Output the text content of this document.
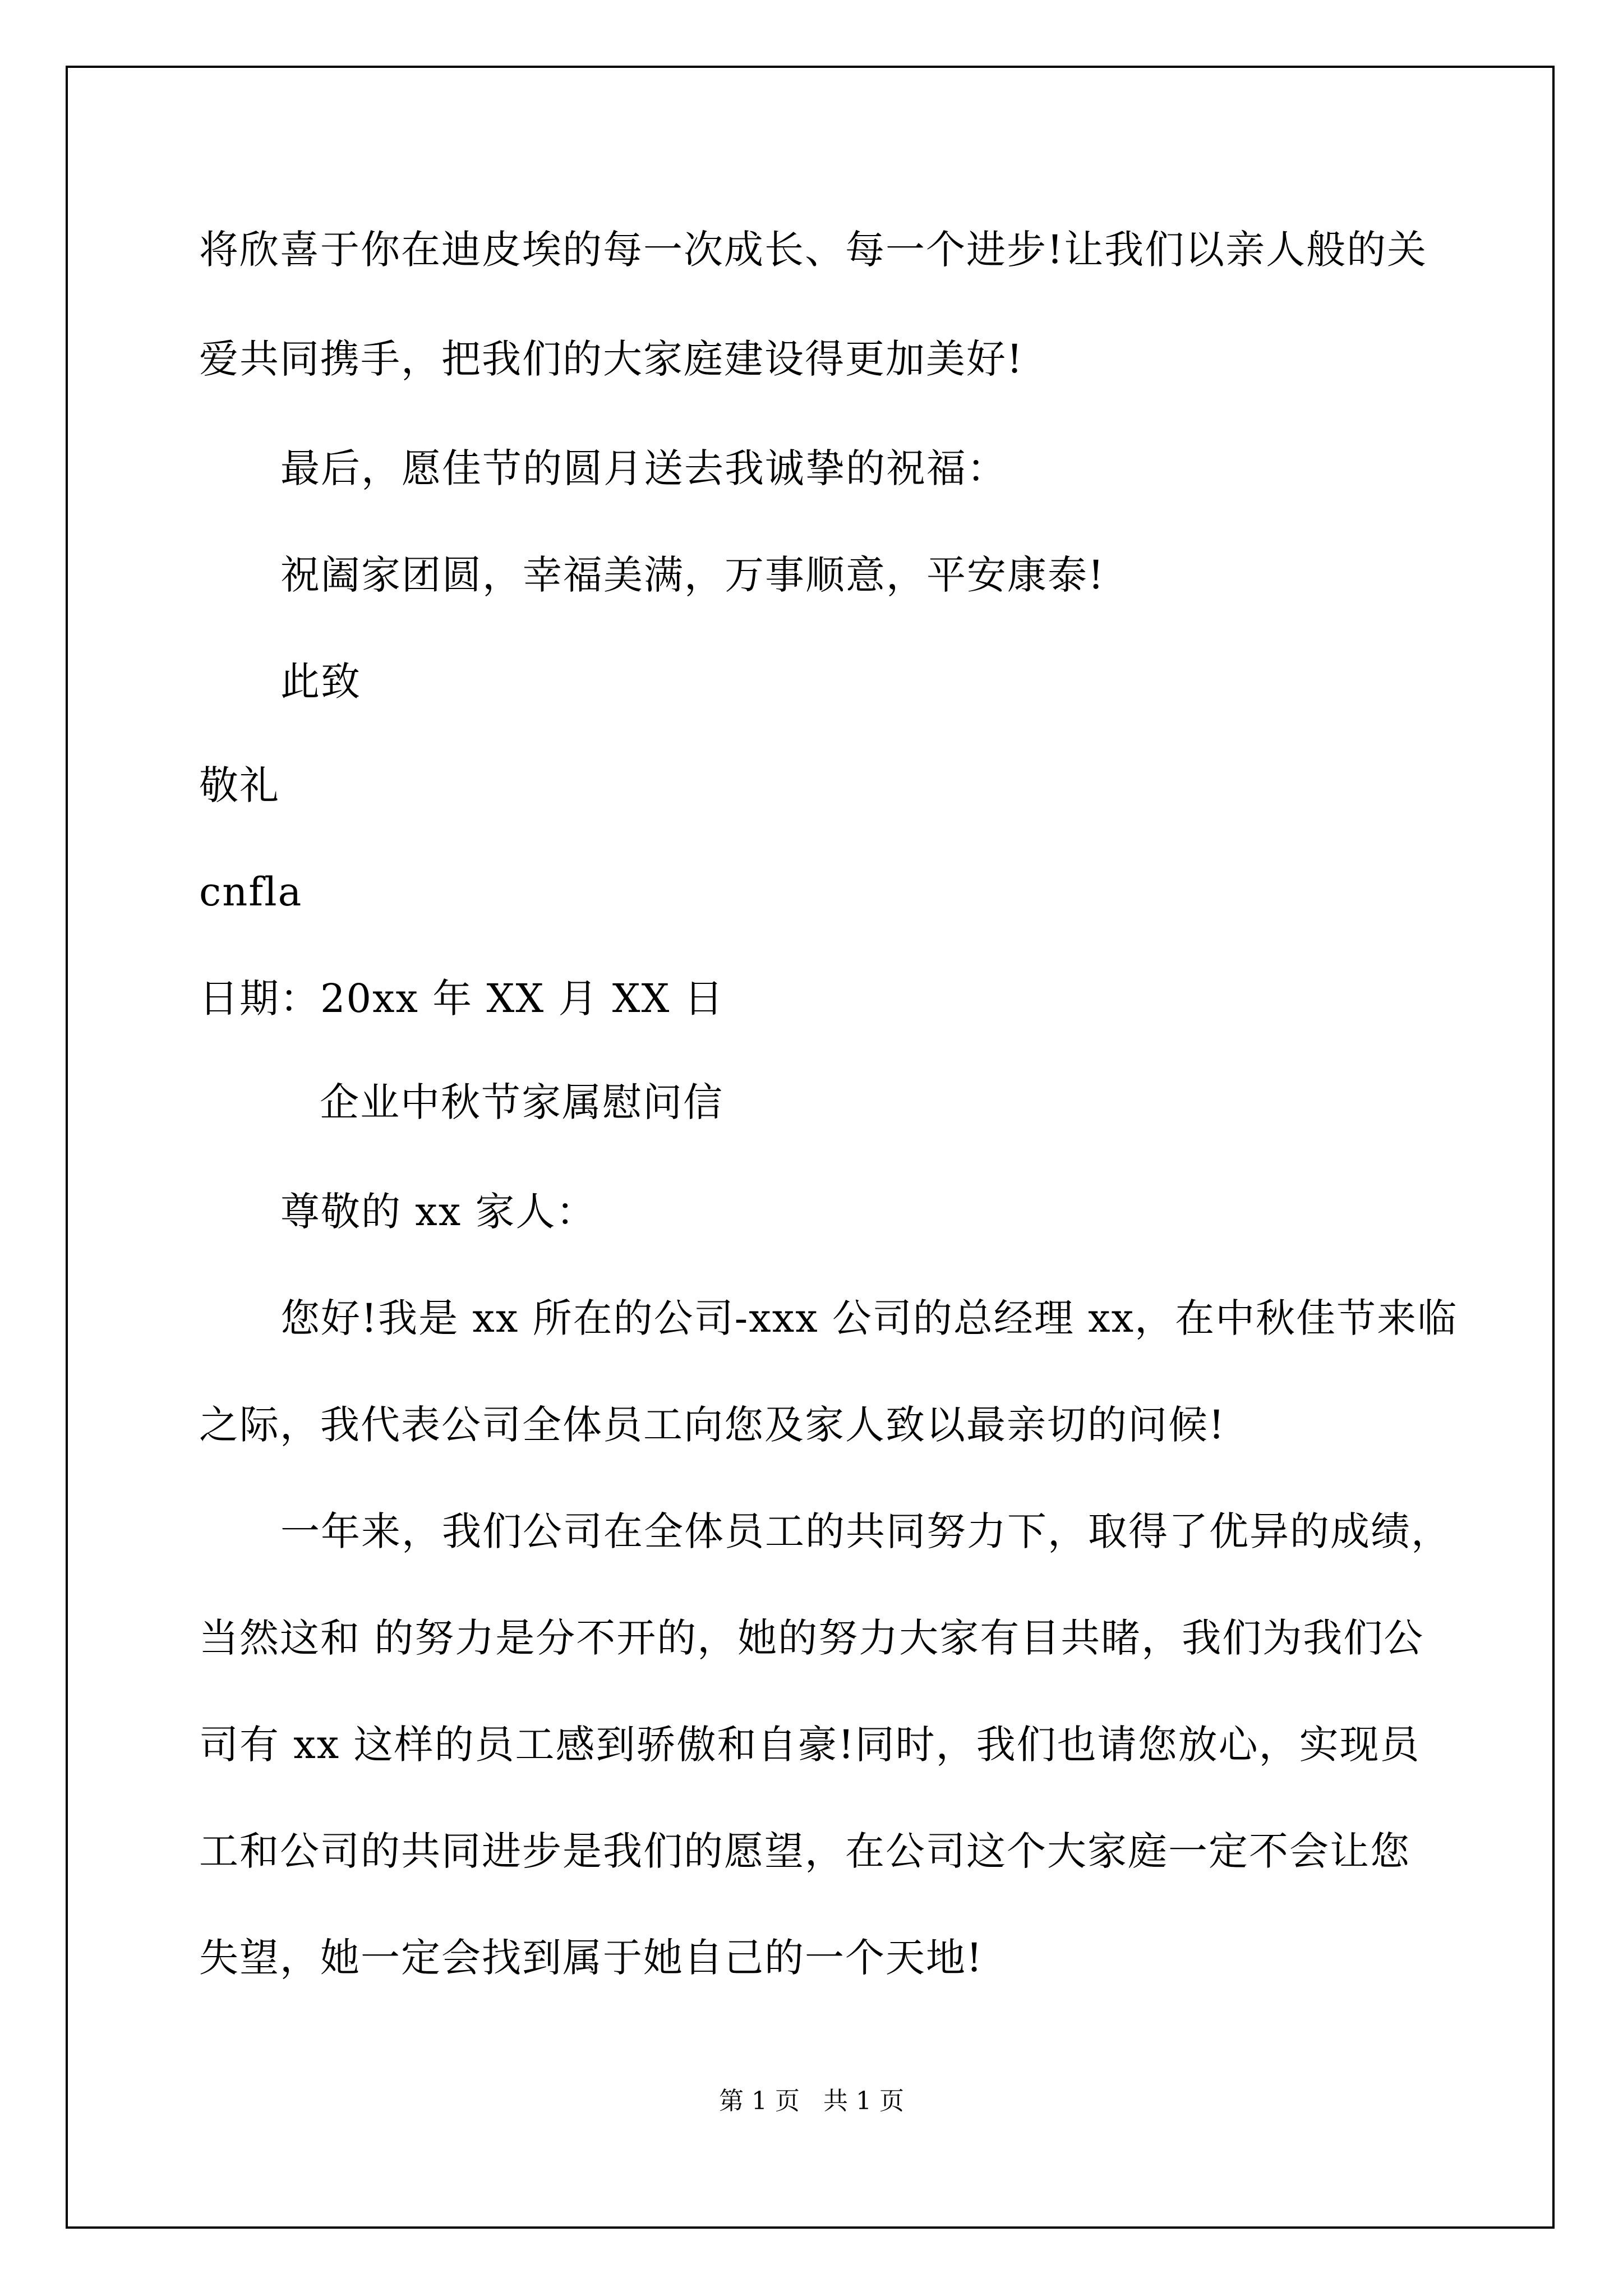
将欣喜于你在迪皮埃的每一次成长、每一个进步!让我们以亲人般的关
爱共同携手，把我们的大家庭建设得更加美好!
最后，愿佳节的圆月送去我诚挚的祝福：
祝阖家团圆，幸福美满，万事顺意，平安康泰!
此致
敬礼
cnfla
日期：20xx 年 XX 月 XX 日
企业中秋节家属慰问信
尊敬的 xx 家人：
您好!我是 xx 所在的公司-xxx 公司的总经理 xx，在中秋佳节来临
之际，我代表公司全体员工向您及家人致以最亲切的问候!
一年来，我们公司在全体员工的共同努力下，取得了优异的成绩，
当然这和 的努力是分不开的，她的努力大家有目共睹，我们为我们公
司有 xx 这样的员工感到骄傲和自豪!同时，我们也请您放心，实现员
工和公司的共同进步是我们的愿望，在公司这个大家庭一定不会让您
失望，她一定会找到属于她自己的一个天地!
第 1 页   共 1 页
